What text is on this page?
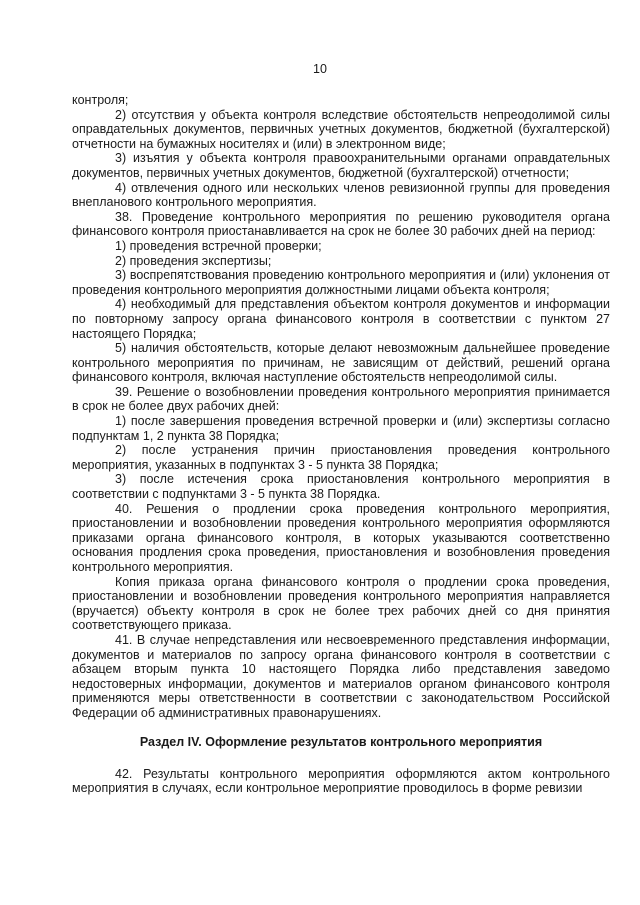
10

контроля;

2) отсутствия у объекта контроля вследствие обстоятельств непреодолимой силы оправдательных документов, первичных учетных документов, бюджетной (бухгалтерской) отчетности на бумажных носителях и (или) в электронном виде;

3) изъятия у объекта контроля правоохранительными органами оправдательных документов, первичных учетных документов, бюджетной (бухгалтерской) отчетности;

4) отвлечения одного или нескольких членов ревизионной группы для проведения внепланового контрольного мероприятия.

38. Проведение контрольного мероприятия по решению руководителя органа финансового контроля приостанавливается на срок не более 30 рабочих дней на период:

1) проведения встречной проверки;

2) проведения экспертизы;

3) воспрепятствования проведению контрольного мероприятия и (или) уклонения от проведения контрольного мероприятия должностными лицами объекта контроля;

4) необходимый для представления объектом контроля документов и информации по повторному запросу органа финансового контроля в соответствии с пунктом 27 настоящего Порядка;

5) наличия обстоятельств, которые делают невозможным дальнейшее проведение контрольного мероприятия по причинам, не зависящим от действий, решений органа финансового контроля, включая наступление обстоятельств непреодолимой силы.

39. Решение о возобновлении проведения контрольного мероприятия принимается в срок не более двух рабочих дней:

1) после завершения проведения встречной проверки и (или) экспертизы согласно подпунктам 1, 2 пункта 38 Порядка;

2) после устранения причин приостановления проведения контрольного мероприятия, указанных в подпунктах 3 - 5 пункта 38 Порядка;

3) после истечения срока приостановления контрольного мероприятия в соответствии с подпунктами 3 - 5 пункта 38 Порядка.

40. Решения о продлении срока проведения контрольного мероприятия, приостановлении и возобновлении проведения контрольного мероприятия оформляются приказами органа финансового контроля, в которых указываются соответственно основания продления срока проведения, приостановления и возобновления проведения контрольного мероприятия.

Копия приказа органа финансового контроля о продлении срока проведения, приостановлении и возобновлении проведения контрольного мероприятия направляется (вручается) объекту контроля в срок не более трех рабочих дней со дня принятия соответствующего приказа.

41. В случае непредставления или несвоевременного представления информации, документов и материалов по запросу органа финансового контроля в соответствии с абзацем вторым пункта 10 настоящего Порядка либо представления заведомо недостоверных информации, документов и материалов органом финансового контроля применяются меры ответственности в соответствии с законодательством Российской Федерации об административных правонарушениях.

Раздел IV. Оформление результатов контрольного мероприятия

42. Результаты контрольного мероприятия оформляются актом контрольного мероприятия в случаях, если контрольное мероприятие проводилось в форме ревизии
